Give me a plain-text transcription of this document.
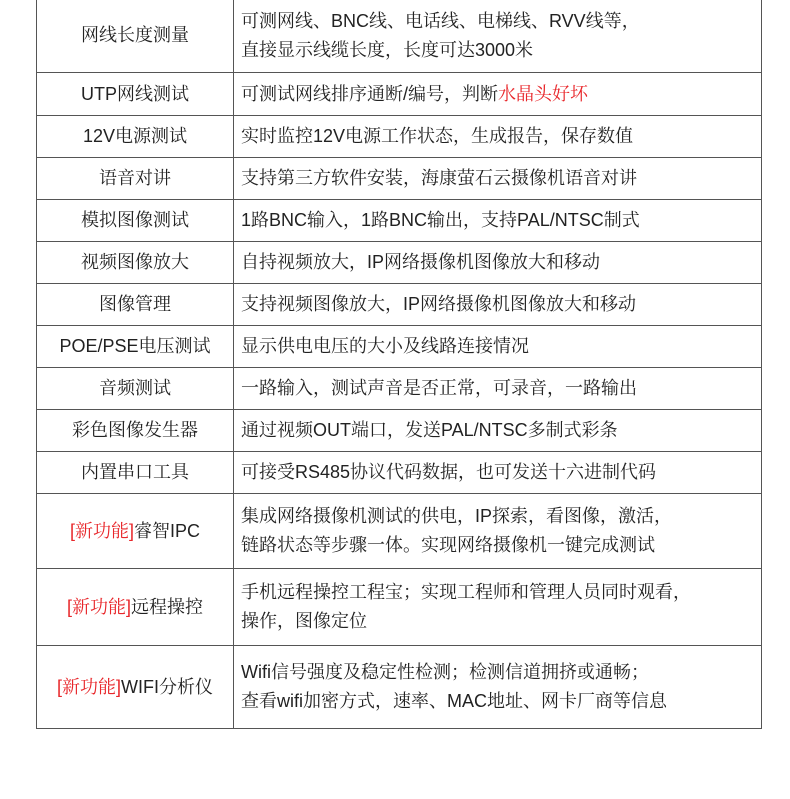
网线长度测量	可测网线、BNC线、电话线、电梯线、RVV线等，
直接显示线缆长度，长度可达3000米
UTP网线测试	可测试网线排序通断/编号，判断水晶头好坏
12V电源测试	实时监控12V电源工作状态，生成报告，保存数值
语音对讲	支持第三方软件安装，海康萤石云摄像机语音对讲
模拟图像测试	1路BNC输入，1路BNC输出，支持PAL/NTSC制式
视频图像放大	自持视频放大，IP网络摄像机图像放大和移动
图像管理	支持视频图像放大，IP网络摄像机图像放大和移动
POE/PSE电压测试	显示供电电压的大小及线路连接情况
音频测试	一路输入，测试声音是否正常，可录音，一路输出
彩色图像发生器	通过视频OUT端口，发送PAL/NTSC多制式彩条
内置串口工具	可接受RS485协议代码数据，也可发送十六进制代码
[新功能]睿智IPC	集成网络摄像机测试的供电，IP探索，看图像，激活，
链路状态等步骤一体。实现网络摄像机一键完成测试
[新功能]远程操控	手机远程操控工程宝；实现工程师和管理人员同时观看，
操作，图像定位
[新功能]WIFI分析仪	Wifi信号强度及稳定性检测；检测信道拥挤或通畅；
查看wifi加密方式，速率、MAC地址、网卡厂商等信息
